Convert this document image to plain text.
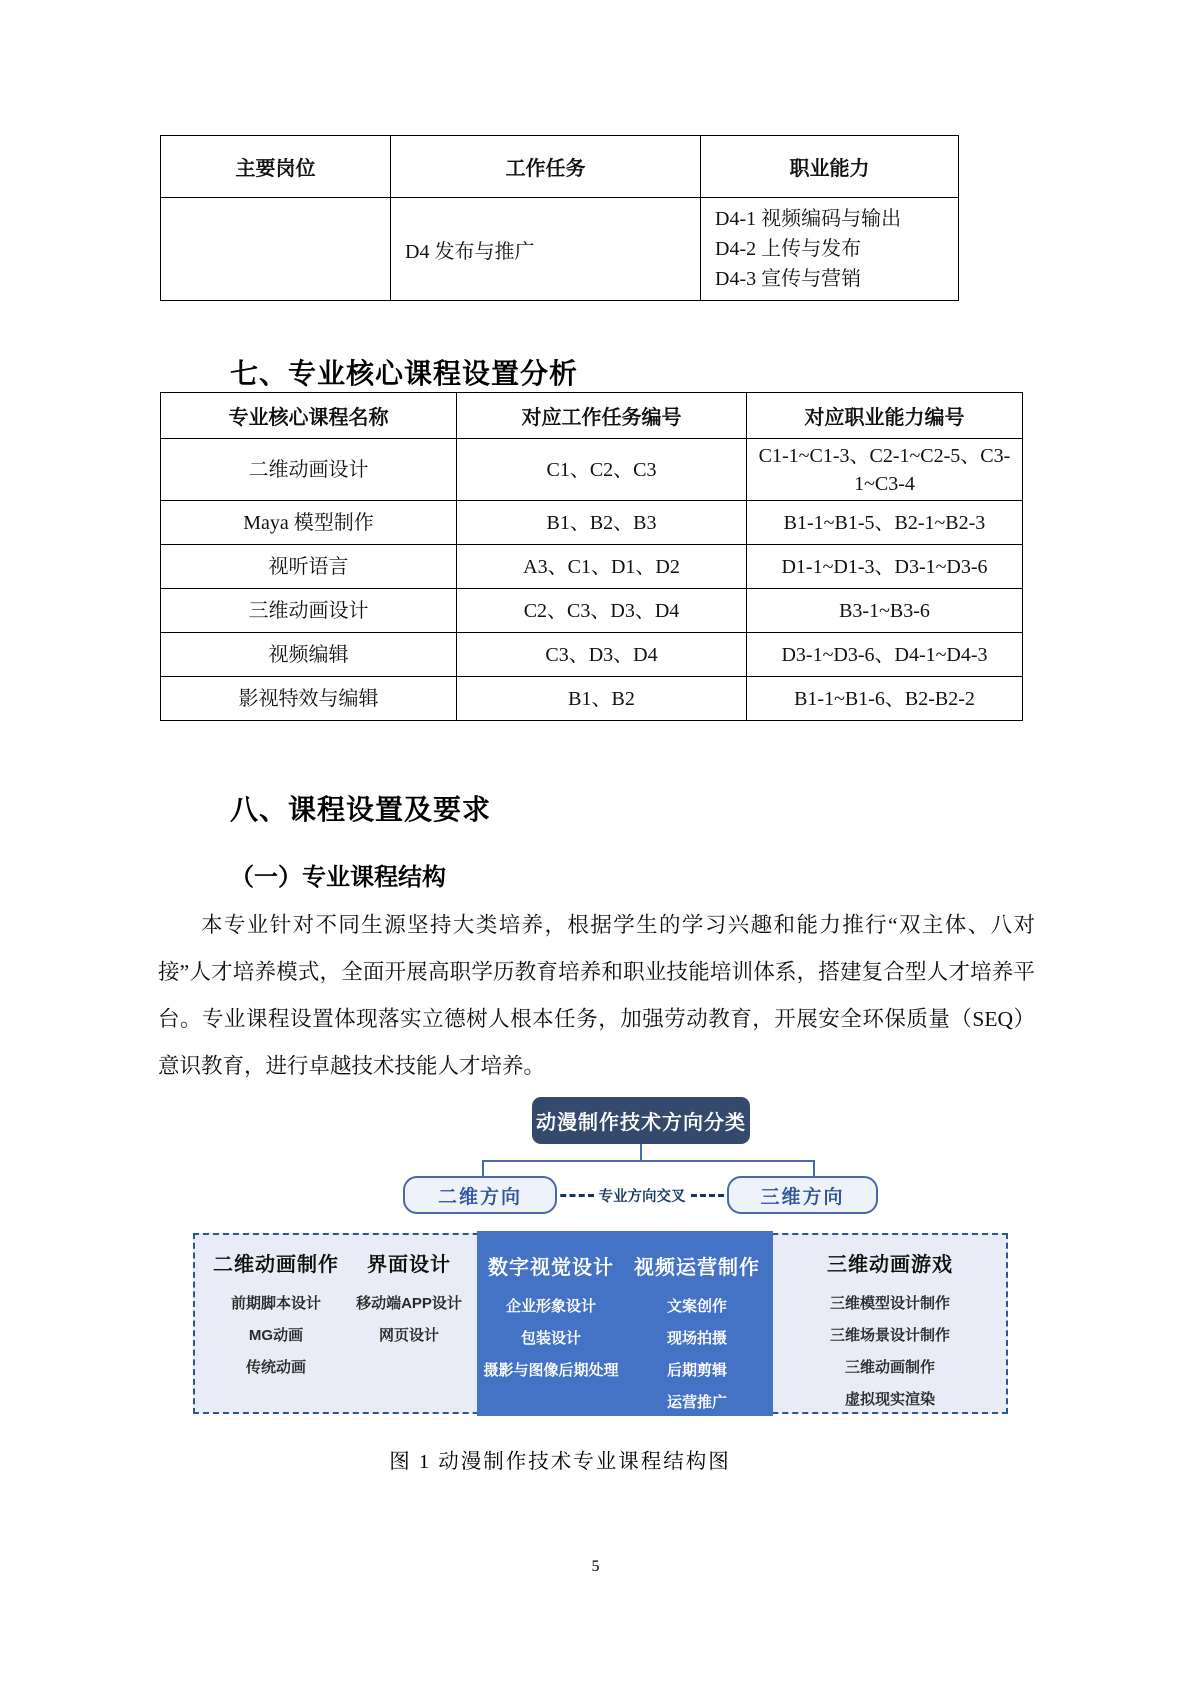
主要岗位	工作任务	职业能力
	D4 发布与推广	D4-1 视频编码与输出
D4-2 上传与发布
D4-3 宣传与营销
七、专业核心课程设置分析
专业核心课程名称	对应工作任务编号	对应职业能力编号
二维动画设计	C1、C2、C3	C1-1~C1-3、C2-1~C2-5、C3-1~C3-4
Maya 模型制作	B1、B2、B3	B1-1~B1-5、B2-1~B2-3
视听语言	A3、C1、D1、D2	D1-1~D1-3、D3-1~D3-6
三维动画设计	C2、C3、D3、D4	B3-1~B3-6
视频编辑	C3、D3、D4	D3-1~D3-6、D4-1~D4-3
影视特效与编辑	B1、B2	B1-1~B1-6、B2-B2-2
八、课程设置及要求
（一）专业课程结构

本专业针对不同生源坚持大类培养，根据学生的学习兴趣和能力推行“双主体、八对接”人才培养模式，全面开展高职学历教育培养和职业技能培训体系，搭建复合型人才培养平台。专业课程设置体现落实立德树人根本任务，加强劳动教育，开展安全环保质量（SEQ）意识教育，进行卓越技术技能人才培养。

动漫制作技术方向分类
二维方向	三维方向
专业方向交叉
二维动画制作
前期脚本设计
MG动画
传统动画
界面设计
移动端APP设计
网页设计
数字视觉设计
企业形象设计
包装设计
摄影与图像后期处理
视频运营制作
文案创作
现场拍摄
后期剪辑
运营推广
三维动画游戏
三维模型设计制作
三维场景设计制作
三维动画制作
虚拟现实渲染
图 1 动漫制作技术专业课程结构图
5
